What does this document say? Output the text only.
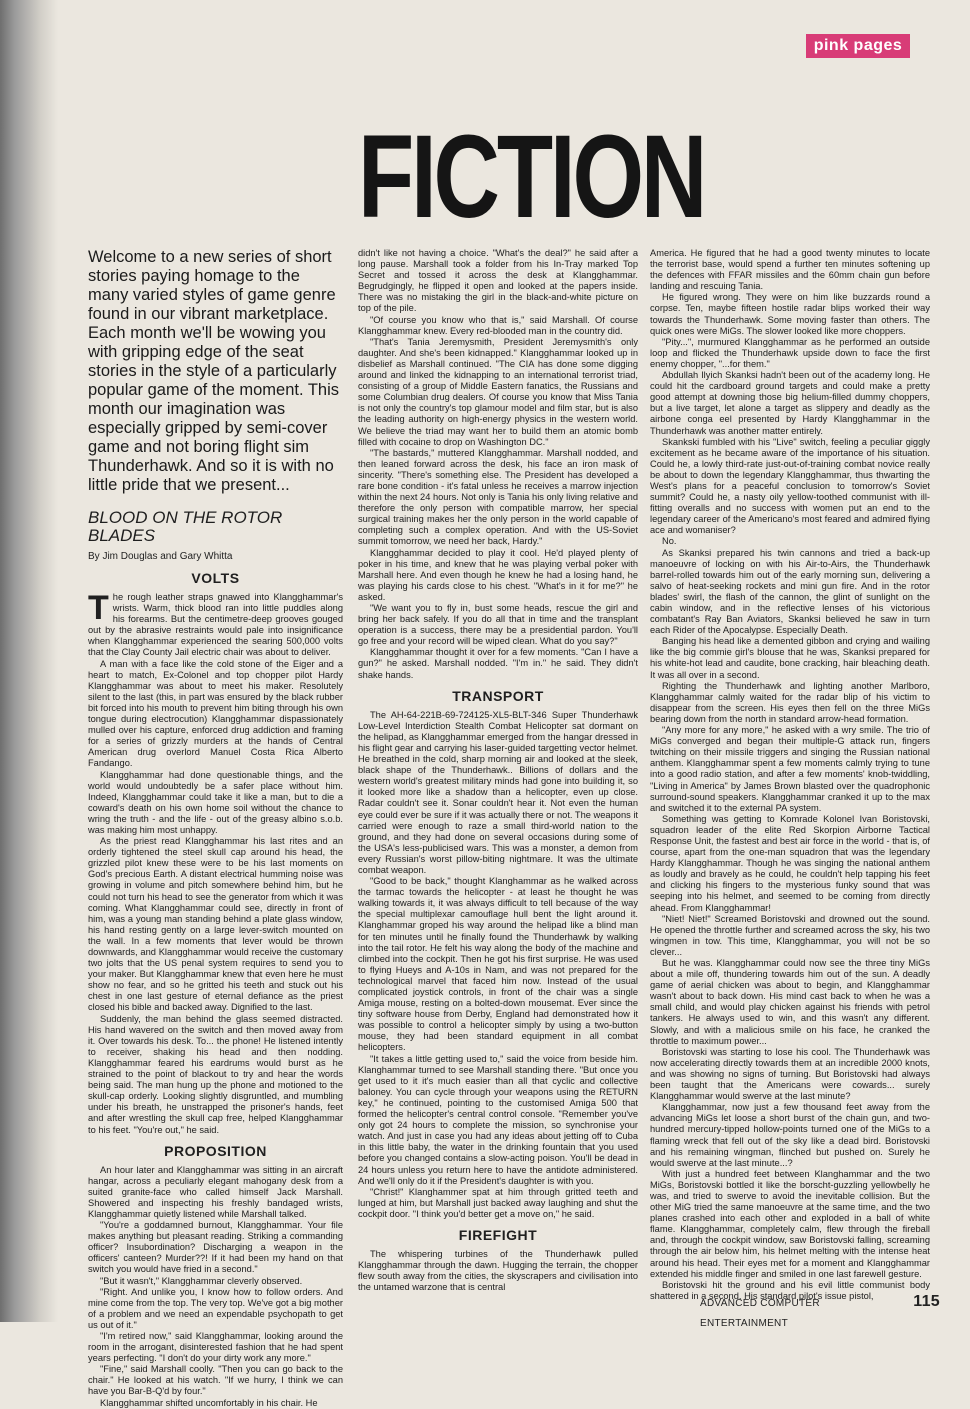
pink pages
FICTION

Welcome to a new series of short stories paying homage to the many varied styles of game genre found in our vibrant marketplace. Each month we'll be wowing you with gripping edge of the seat stories in the style of a particularly popular game of the moment. This month our imagination was especially gripped by semi-cover game and not boring flight sim Thunderhawk. And so it is with no little pride that we present...

BLOOD ON THE ROTOR BLADES

By Jim Douglas and Gary Whitta

VOLTS

The rough leather straps gnawed into Klangghammar's wrists. Warm, thick blood ran into little puddles along his forearms. But the centimetre-deep grooves gouged out by the abrasive restraints would pale into insignificance when Klangghammar experienced the searing 500,000 volts that the Clay County Jail electric chair was about to deliver.

A man with a face like the cold stone of the Eiger and a heart to match, Ex-Colonel and top chopper pilot Hardy Klangghammar was about to meet his maker. Resolutely silent to the last (this, in part was ensured by the black rubber bit forced into his mouth to prevent him biting through his own tongue during electrocution) Klangghammar dispassionately mulled over his capture, enforced drug addiction and framing for a series of grizzly murders at the hands of Central American drug overlord Manuel Costa Rica Alberto Fandango.

Klangghammar had done questionable things, and the world would undoubtedly be a safer place without him. Indeed, Klangghammar could take it like a man, but to die a coward's death on his own home soil without the chance to wring the truth - and the life - out of the greasy albino s.o.b. was making him most unhappy.

As the priest read Klangghammar his last rites and an orderly tightened the steel skull cap around his head, the grizzled pilot knew these were to be his last moments on God's precious Earth. A distant electrical humming noise was growing in volume and pitch somewhere behind him, but he could not turn his head to see the generator from which it was coming. What Klangghammar could see, directly in front of him, was a young man standing behind a plate glass window, his hand resting gently on a large lever-switch mounted on the wall. In a few moments that lever would be thrown downwards, and Klangghammar would receive the customary two jolts that the US penal system requires to send you to your maker. But Klangghammar knew that even here he must show no fear, and so he gritted his teeth and stuck out his chest in one last gesture of eternal defiance as the priest closed his bible and backed away. Dignified to the last.

Suddenly, the man behind the glass seemed distracted. His hand wavered on the switch and then moved away from it. Over towards his desk. To... the phone! He listened intently to receiver, shaking his head and then nodding. Klangghammar feared his eardrums would burst as he strained to the point of blackout to try and hear the words being said. The man hung up the phone and motioned to the skull-cap orderly. Looking slightly disgruntled, and mumbling under his breath, he unstrapped the prisoner's hands, feet and after wrestling the skull cap free, helped Klangghammar to his feet. "You're out," he said.

PROPOSITION

An hour later and Klangghammar was sitting in an aircraft hangar, across a peculiarly elegant mahogany desk from a suited granite-face who called himself Jack Marshall. Showered and inspecting his freshly bandaged wrists, Klangghammar quietly listened while Marshall talked.

"You're a goddamned burnout, Klangghammar. Your file makes anything but pleasant reading. Striking a commanding officer? Insubordination? Discharging a weapon in the officers' canteen? Murder??! If it had been my hand on that switch you would have fried in a second."

"But it wasn't," Klangghammar cleverly observed.

"Right. And unlike you, I know how to follow orders. And mine come from the top. The very top. We've got a big mother of a problem and we need an expendable psychopath to get us out of it."

"I'm retired now," said Klangghammar, looking around the room in the arrogant, disinterested fashion that he had spent years perfecting. "I don't do your dirty work any more."

"Fine," said Marshall coolly. "Then you can go back to the chair." He looked at his watch. "If we hurry, I think we can have you Bar-B-Q'd by four."

Klangghammar shifted uncomfortably in his chair. He

didn't like not having a choice. "What's the deal?" he said after a long pause. Marshall took a folder from his In-Tray marked Top Secret and tossed it across the desk at Klangghammar. Begrudgingly, he flipped it open and looked at the papers inside. There was no mistaking the girl in the black-and-white picture on top of the pile.

"Of course you know who that is," said Marshall. Of course Klangghammar knew. Every red-blooded man in the country did.

"That's Tania Jeremysmith, President Jeremysmith's only daughter. And she's been kidnapped." Klangghammar looked up in disbelief as Marshall continued. "The CIA has done some digging around and linked the kidnapping to an international terrorist triad, consisting of a group of Middle Eastern fanatics, the Russians and some Columbian drug dealers. Of course you know that Miss Tania is not only the country's top glamour model and film star, but is also the leading authority on high-energy physics in the western world. We believe the triad may want her to build them an atomic bomb filled with cocaine to drop on Washington DC."

"The bastards," muttered Klangghammar. Marshall nodded, and then leaned forward across the desk, his face an iron mask of sincerity. "There's something else. The President has developed a rare bone condition - it's fatal unless he receives a marrow injection within the next 24 hours. Not only is Tania his only living relative and therefore the only person with compatible marrow, her special surgical training makes her the only person in the world capable of completing such a complex operation. And with the US-Soviet summit tomorrow, we need her back, Hardy."

Klangghammar decided to play it cool. He'd played plenty of poker in his time, and knew that he was playing verbal poker with Marshall here. And even though he knew he had a losing hand, he was playing his cards close to his chest. "What's in it for me?" he asked.

"We want you to fly in, bust some heads, rescue the girl and bring her back safely. If you do all that in time and the transplant operation is a success, there may be a presidential pardon. You'll go free and your record will be wiped clean. What do you say?"

Klangghammar thought it over for a few moments. "Can I have a gun?" he asked. Marshall nodded. "I'm in." he said. They didn't shake hands.

TRANSPORT

The AH-64-221B-69-724125-XL5-BLT-346 Super Thunderhawk Low-Level Interdiction Stealth Combat Helicopter sat dormant on the helipad, as Klangghammar emerged from the hangar dressed in his flight gear and carrying his laser-guided targetting vector helmet. He breathed in the cold, sharp morning air and looked at the sleek, black shape of the Thunderhawk.. Billions of dollars and the western world's greatest military minds had gone into building it, so it looked more like a shadow than a helicopter, even up close. Radar couldn't see it. Sonar couldn't hear it. Not even the human eye could ever be sure if it was actually there or not. The weapons it carried were enough to raze a small third-world nation to the ground, and they had done on several occasions during some of the USA's less-publicised wars. This was a monster, a demon from every Russian's worst pillow-biting nightmare. It was the ultimate combat weapon.

"Good to be back," thought Klanghammar as he walked across the tarmac towards the helicopter - at least he thought he was walking towards it, it was always difficult to tell because of the way the special multiplexar camouflage hull bent the light around it. Klanghammar groped his way around the helipad like a blind man for ten minutes until he finally found the Thunderhawk by walking into the tail rotor. He felt his way along the body of the machine and climbed into the cockpit. Then he got his first surprise. He was used to flying Hueys and A-10s in Nam, and was not prepared for the technological marvel that faced him now. Instead of the usual complicated joystick controls, in front of the chair was a single Amiga mouse, resting on a bolted-down mousemat. Ever since the tiny software house from Derby, England had demonstrated how it was possible to control a helicopter simply by using a two-button mouse, they had been standard equipment in all combat helicopters.

"It takes a little getting used to," said the voice from beside him. Klanghammar turned to see Marshall standing there. "But once you get used to it it's much easier than all that cyclic and collective baloney. You can cycle through your weapons using the RETURN key," he continued, pointing to the customised Amiga 500 that formed the helicopter's central control console. "Remember you've only got 24 hours to complete the mission, so synchronise your watch. And just in case you had any ideas about jetting off to Cuba in this little baby, the water in the drinking fountain that you used before you changed contains a slow-acting poison. You'll be dead in 24 hours unless you return here to have the antidote administered. And we'll only do it if the President's daughter is with you.

"Christ!" Klanghammer spat at him through gritted teeth and lunged at him, but Marshall just backed away laughing and shut the cockpit door. "I think you'd better get a move on," he said.

FIREFIGHT

The whispering turbines of the Thunderhawk pulled Klangghammar through the dawn. Hugging the terrain, the chopper flew south away from the cities, the skyscrapers and civilisation into the untamed warzone that is central

America. He figured that he had a good twenty minutes to locate the terrorist base, would spend a further ten minutes softening up the defences with FFAR missiles and the 60mm chain gun before landing and rescuing Tania.

He figured wrong. They were on him like buzzards round a corpse. Ten, maybe fifteen hostile radar blips worked their way towards the Thunderhawk. Some moving faster than others. The quick ones were MiGs. The slower looked like more choppers.

"Pity...", murmured Klangghammar as he performed an outside loop and flicked the Thunderhawk upside down to face the first enemy chopper, "...for them."

Abdullah Ilyich Skanksi hadn't been out of the academy long. He could hit the cardboard ground targets and could make a pretty good attempt at downing those big helium-filled dummy choppers, but a live target, let alone a target as slippery and deadly as the airbone conga eel presented by Hardy Klangghammar in the Thunderhawk was another matter entirely.

Skankski fumbled with his "Live" switch, feeling a peculiar giggly excitement as he became aware of the importance of his situation. Could he, a lowly third-rate just-out-of-training combat novice really be about to down the legendary Klangghammar, thus thwarting the West's plans for a peaceful conclusion to tomorrow's Soviet summit? Could he, a nasty oily yellow-toothed communist with ill-fitting overalls and no success with women put an end to the legendary career of the Americano's most feared and admired flying ace and womaniser?

No.

As Skanksi prepared his twin cannons and tried a back-up manoeuvre of locking on with his Air-to-Airs, the Thunderhawk barrel-rolled towards him out of the early morning sun, delivering a salvo of heat-seeking rockets and mini gun fire. And in the rotor blades' swirl, the flash of the cannon, the glint of sunlight on the cabin window, and in the reflective lenses of his victorious combatant's Ray Ban Aviators, Skanksi believed he saw in turn each Rider of the Apocalypse. Especially Death.

Banging his head like a demented gibbon and crying and wailing like the big commie girl's blouse that he was, Skanksi prepared for his white-hot lead and caudite, bone cracking, hair bleaching death. It was all over in a second.

Righting the Thunderhawk and lighting another Marlboro, Klangghammar calmly waited for the radar blip of his victim to disappear from the screen. His eyes then fell on the three MiGs bearing down from the north in standard arrow-head formation.

"Any more for any more," he asked with a wry smile. The trio of MiGs converged and began their multiple-G attack run, fingers twitching on their missile triggers and singing the Russian national anthem. Klangghammar spent a few moments calmly trying to tune into a good radio station, and after a few moments' knob-twiddling, "Living in America" by James Brown blasted over the quadrophonic surround-sound speakers. Klangghammar cranked it up to the max and switched it to the external PA system.

Something was getting to Komrade Kolonel Ivan Boristovski, squadron leader of the elite Red Skorpion Airborne Tactical Response Unit, the fastest and best air force in the world - that is, of course, apart from the one-man squadron that was the legendary Hardy Klangghammar. Though he was singing the national anthem as loudly and bravely as he could, he couldn't help tapping his feet and clicking his fingers to the mysterious funky sound that was seeping into his helmet, and seemed to be coming from directly ahead. From Klangghammar!

"Niet! Niet!" Screamed Boristovski and drowned out the sound. He opened the throttle further and screamed across the sky, his two wingmen in tow. This time, Klangghammar, you will not be so clever...

But he was. Klangghammar could now see the three tiny MiGs about a mile off, thundering towards him out of the sun. A deadly game of aerial chicken was about to begin, and Klangghammar wasn't about to back down. His mind cast back to when he was a small child, and would play chicken against his friends with petrol tankers. He always used to win, and this wasn't any different. Slowly, and with a malicious smile on his face, he cranked the throttle to maximum power...

Boristovski was starting to lose his cool. The Thunderhawk was now accelerating directly towards them at an incredible 2000 knots, and was showing no signs of turning. But Boristovski had always been taught that the Americans were cowards... surely Klangghammar would swerve at the last minute?

Klangghammar, now just a few thousand feet away from the advancing MiGs let loose a short burst of the chain gun, and two-hundred mercury-tipped hollow-points turned one of the MiGs to a flaming wreck that fell out of the sky like a dead bird. Boristovski and his remaining wingman, flinched but pushed on. Surely he would swerve at the last minute...?

With just a hundred feet between Klanghammar and the two MiGs, Boristovski bottled it like the borscht-guzzling yellowbelly he was, and tried to swerve to avoid the inevitable collision. But the other MiG tried the same manoeuvre at the same time, and the two planes crashed into each other and exploded in a ball of white flame. Klangghammar, completely calm, flew through the fireball and, through the cockpit window, saw Boristovski falling, screaming through the air below him, his helmet melting with the intense heat around his head. Their eyes met for a moment and Klangghammar extended his middle finger and smiled in one last farewell gesture.

Boristovski hit the ground and his evil little communist body shattered in a second. His standard pilot's issue pistol,

ADVANCED COMPUTER ENTERTAINMENT
115
